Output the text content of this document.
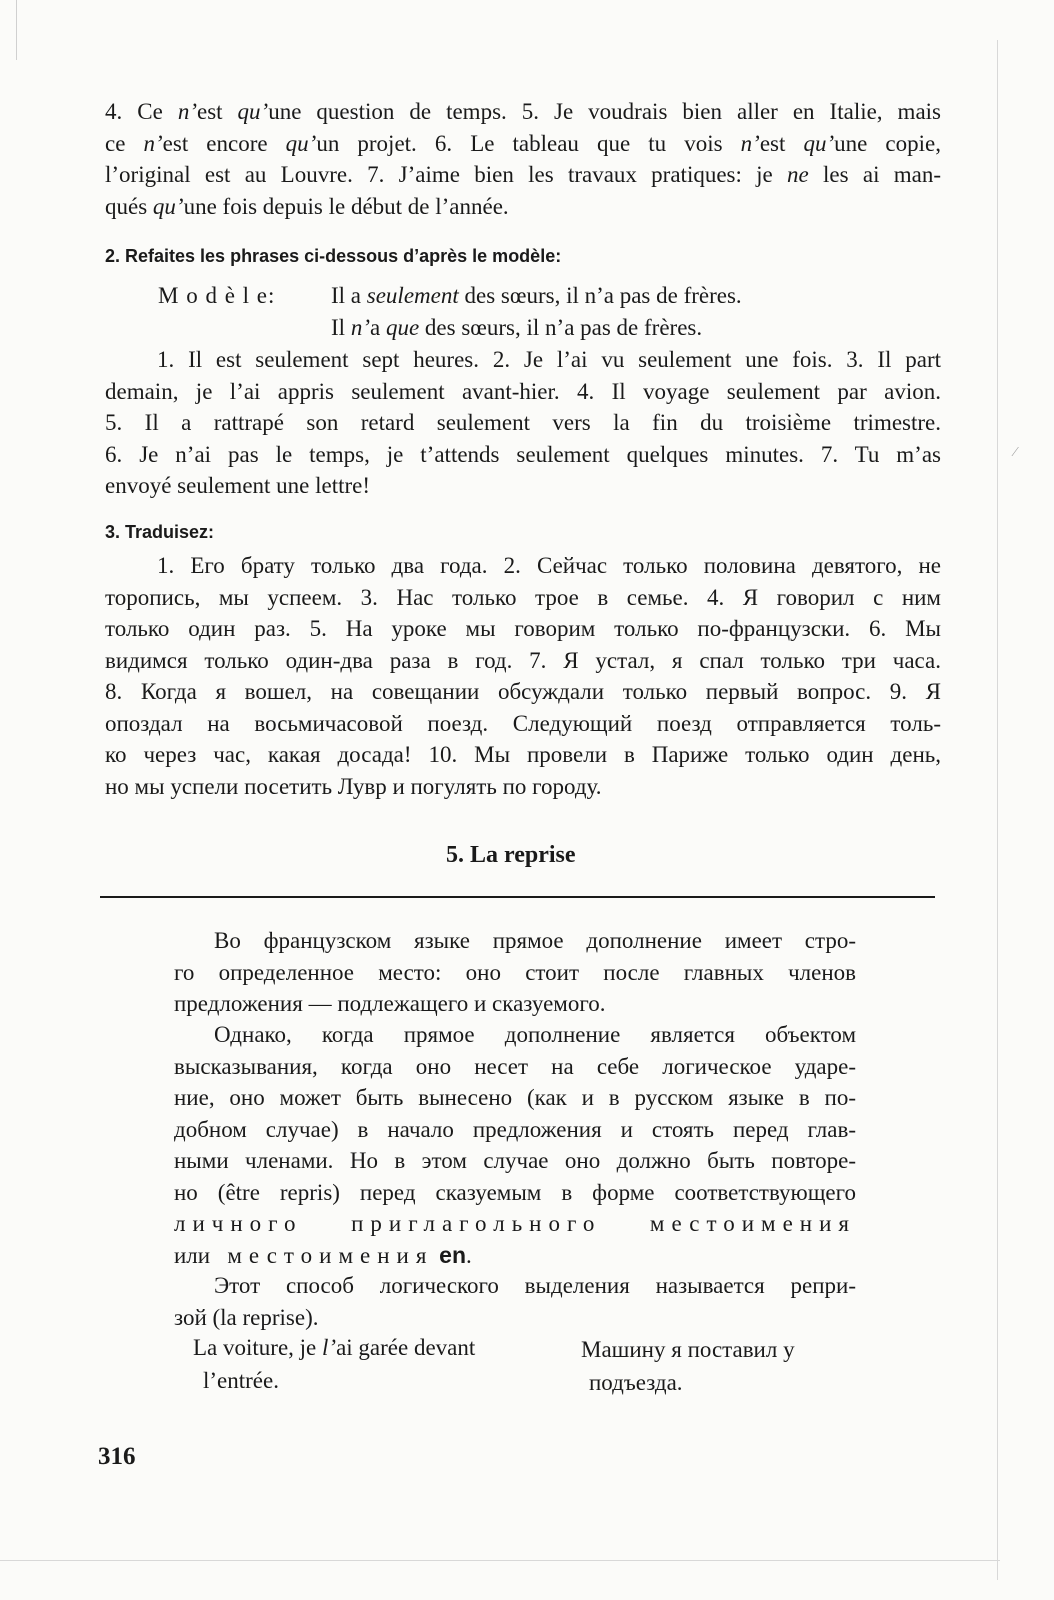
4. Ce n’est qu’une question de temps. 5. Je voudrais bien aller en Italie, mais
ce n’est encore qu’un projet. 6. Le tableau que tu vois n’est qu’une copie,
l’original est au Louvre. 7. J’aime bien les travaux pratiques: je ne les ai man-
qués qu’une fois depuis le début de l’année.
2. Refaites les phrases ci-dessous d’après le modèle:
M o d è l e: Il a seulement des sœurs, il n’a pas de frères.
Il n’a que des sœurs, il n’a pas de frères.
1. Il est seulement sept heures. 2. Je l’ai vu seulement une fois. 3. Il part
demain, je l’ai appris seulement avant-hier. 4. Il voyage seulement par avion.
5. Il a rattrapé son retard seulement vers la fin du troisième trimestre.
6. Je n’ai pas le temps, je t’attends seulement quelques minutes. 7. Tu m’as
envoyé seulement une lettre!
3. Traduisez:
1. Его брату только два года. 2. Сейчас только половина девятого, не
торопись, мы успеем. 3. Нас только трое в семье. 4. Я говорил с ним
только один раз. 5. На уроке мы говорим только по-французски. 6. Мы
видимся только один-два раза в год. 7. Я устал, я спал только три часа.
8. Когда я вошел, на совещании обсуждали только первый вопрос. 9. Я
опоздал на восьмичасовой поезд. Следующий поезд отправляется толь-
ко через час, какая досада! 10. Мы провели в Париже только один день,
но мы успели посетить Лувр и погулять по городу.
5. La reprise
Во французском языке прямое дополнение имеет стро-
го определенное место: оно стоит после главных членов
предложения — подлежащего и сказуемого.
Однако, когда прямое дополнение является объектом
высказывания, когда оно несет на себе логическое ударе-
ние, оно может быть вынесено (как и в русском языке в по-
добном случае) в начало предложения и стоять перед глав-
ными членами. Но в этом случае оно должно быть повторе-
но (être repris) перед сказуемым в форме соответствующего
личного приглагольного местоимения
или местоимения en.
Этот способ логического выделения называется репри-
зой (la reprise).
La voiture, je l’ai garée devant
l’entrée.
Машину я поставил у
подъезда.
316
⁄
